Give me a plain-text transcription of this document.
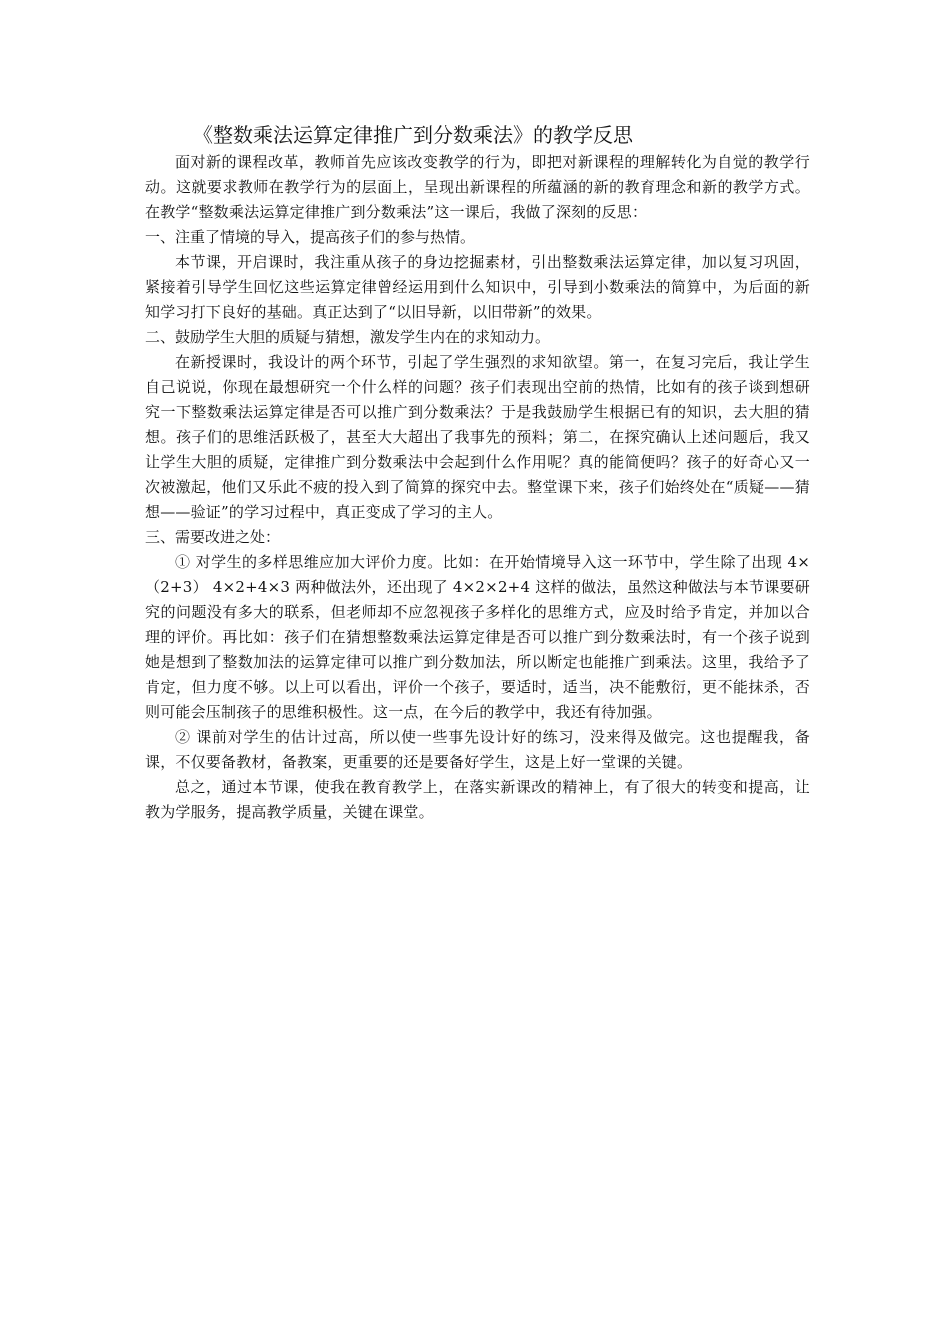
《整数乘法运算定律推广到分数乘法》的教学反思

面对新的课程改革，教师首先应该改变教学的行为，即把对新课程的理解转化为自觉的教学行动。这就要求教师在教学行为的层面上，呈现出新课程的所蕴涵的新的教育理念和新的教学方式。在教学“整数乘法运算定律推广到分数乘法”这一课后，我做了深刻的反思：

一、注重了情境的导入，提高孩子们的参与热情。

本节课，开启课时，我注重从孩子的身边挖掘素材，引出整数乘法运算定律，加以复习巩固，紧接着引导学生回忆这些运算定律曾经运用到什么知识中，引导到小数乘法的简算中，为后面的新知学习打下良好的基础。真正达到了“以旧导新，以旧带新”的效果。

二、鼓励学生大胆的质疑与猜想，激发学生内在的求知动力。

在新授课时，我设计的两个环节，引起了学生强烈的求知欲望。第一，在复习完后，我让学生自己说说，你现在最想研究一个什么样的问题？孩子们表现出空前的热情，比如有的孩子谈到想研究一下整数乘法运算定律是否可以推广到分数乘法？于是我鼓励学生根据已有的知识，去大胆的猜想。孩子们的思维活跃极了，甚至大大超出了我事先的预料；第二，在探究确认上述问题后，我又让学生大胆的质疑，定律推广到分数乘法中会起到什么作用呢？真的能简便吗？孩子的好奇心又一次被激起，他们又乐此不疲的投入到了简算的探究中去。整堂课下来，孩子们始终处在“质疑——猜想——验证”的学习过程中，真正变成了学习的主人。

三、需要改进之处：

① 对学生的多样思维应加大评价力度。比如：在开始情境导入这一环节中，学生除了出现 4×（2+3） 4×2+4×3 两种做法外，还出现了 4×2×2+4 这样的做法，虽然这种做法与本节课要研究的问题没有多大的联系，但老师却不应忽视孩子多样化的思维方式，应及时给予肯定，并加以合理的评价。再比如：孩子们在猜想整数乘法运算定律是否可以推广到分数乘法时，有一个孩子说到她是想到了整数加法的运算定律可以推广到分数加法，所以断定也能推广到乘法。这里，我给予了肯定，但力度不够。以上可以看出，评价一个孩子，要适时，适当，决不能敷衍，更不能抹杀，否则可能会压制孩子的思维积极性。这一点，在今后的教学中，我还有待加强。

② 课前对学生的估计过高，所以使一些事先设计好的练习，没来得及做完。这也提醒我，备课，不仅要备教材，备教案，更重要的还是要备好学生，这是上好一堂课的关键。

总之，通过本节课，使我在教育教学上，在落实新课改的精神上，有了很大的转变和提高，让教为学服务，提高教学质量，关键在课堂。
